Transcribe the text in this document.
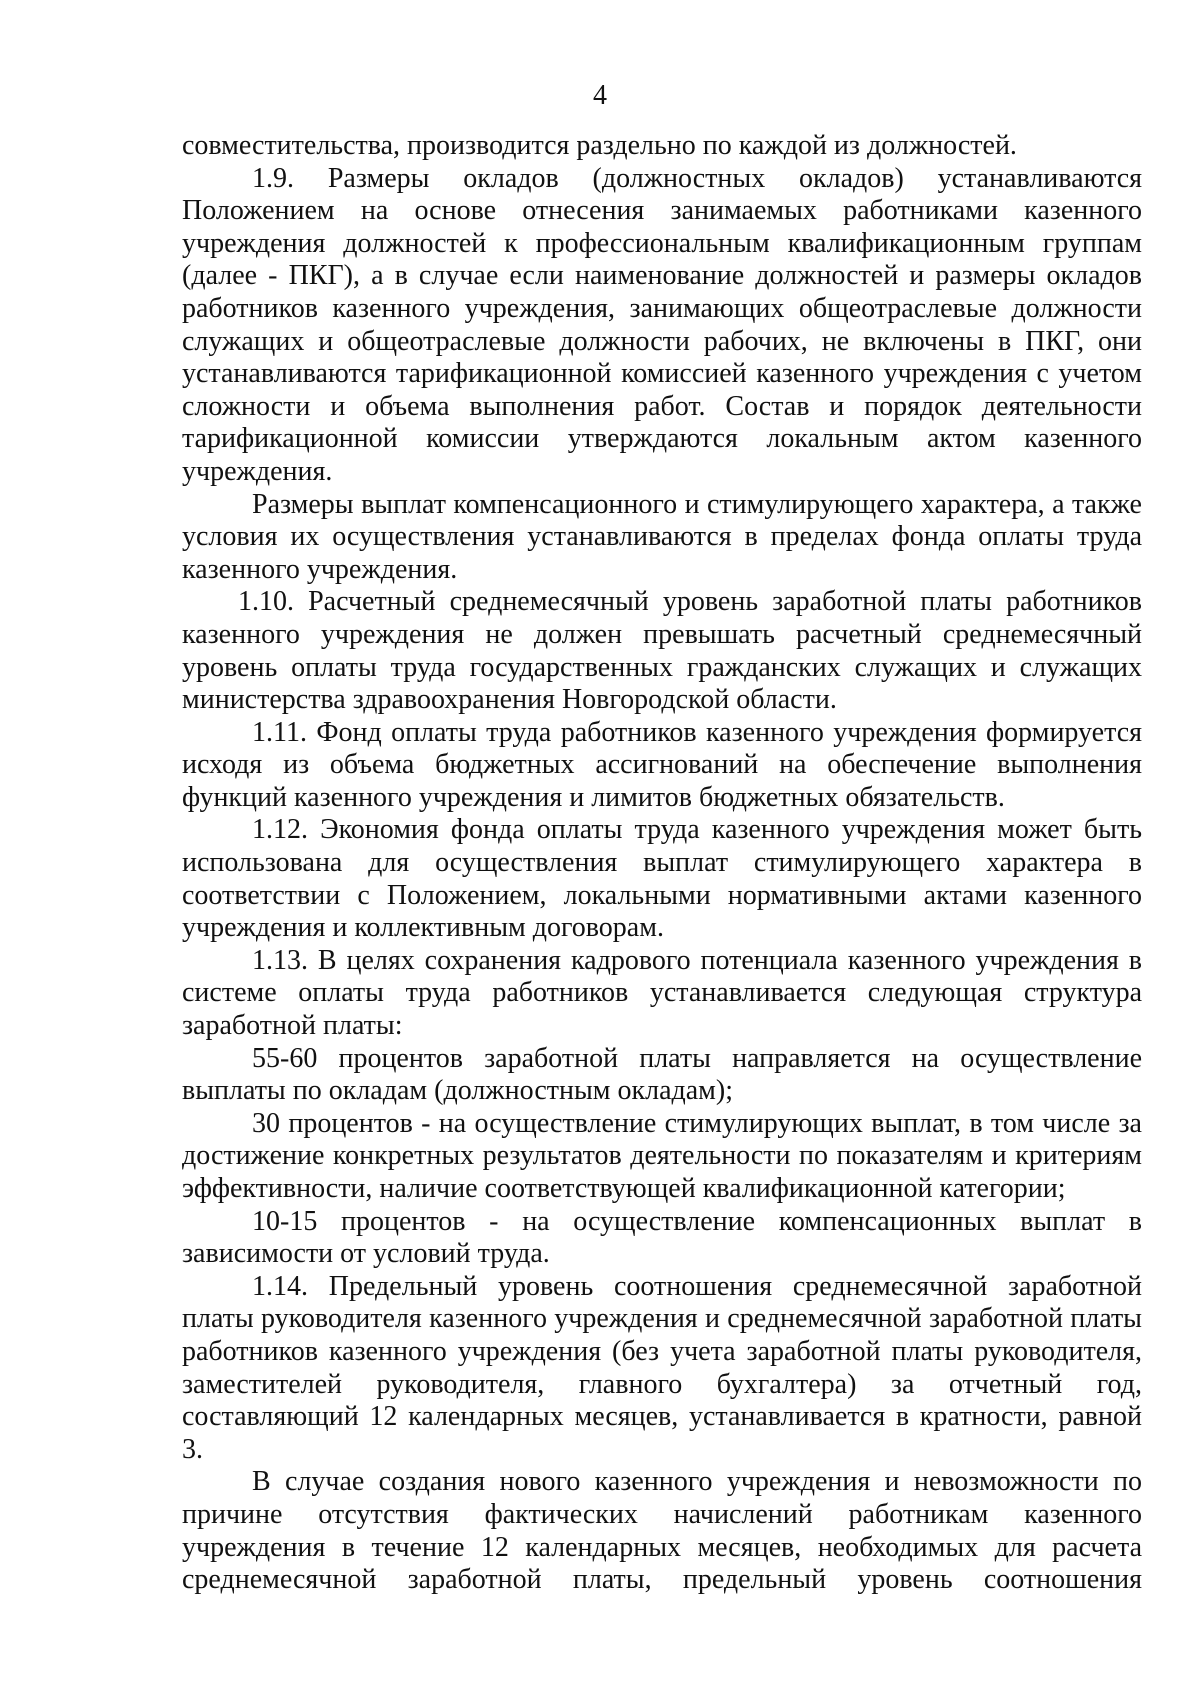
4

совместительства, производится раздельно по каждой из должностей.

1.9. Размеры окладов (должностных окладов) устанавливаются Положением на основе отнесения занимаемых работниками казенного учреждения должностей к профессиональным квалификационным группам (далее - ПКГ), а в случае если наименование должностей и размеры окладов работников казенного учреждения, занимающих общеотраслевые должности служащих и общеотраслевые должности рабочих, не включены в ПКГ, они устанавливаются тарификационной комиссией казенного учреждения с учетом сложности и объема выполнения работ. Состав и порядок деятельности тарификационной комиссии утверждаются локальным актом казенного учреждения.

Размеры выплат компенсационного и стимулирующего характера, а также условия их осуществления устанавливаются в пределах фонда оплаты труда казенного учреждения.

1.10. Расчетный среднемесячный уровень заработной платы работников казенного учреждения не должен превышать расчетный среднемесячный уровень оплаты труда государственных гражданских служащих и служащих министерства здравоохранения Новгородской области.

1.11. Фонд оплаты труда работников казенного учреждения формируется исходя из объема бюджетных ассигнований на обеспечение выполнения функций казенного учреждения и лимитов бюджетных обязательств.

1.12. Экономия фонда оплаты труда казенного учреждения может быть использована для осуществления выплат стимулирующего характера в соответствии с Положением, локальными нормативными актами казенного учреждения и коллективным договорам.

1.13. В целях сохранения кадрового потенциала казенного учреждения в системе оплаты труда работников устанавливается следующая структура заработной платы:

55-60 процентов заработной платы направляется на осуществление выплаты по окладам (должностным окладам);

30 процентов - на осуществление стимулирующих выплат, в том числе за достижение конкретных результатов деятельности по показателям и критериям эффективности, наличие соответствующей квалификационной категории;

10-15 процентов - на осуществление компенсационных выплат в зависимости от условий труда.

1.14. Предельный уровень соотношения среднемесячной заработной платы руководителя казенного учреждения и среднемесячной заработной платы работников казенного учреждения (без учета заработной платы руководителя, заместителей руководителя, главного бухгалтера) за отчетный год, составляющий 12 календарных месяцев, устанавливается в кратности, равной 3.

В случае создания нового казенного учреждения и невозможности по причине отсутствия фактических начислений работникам казенного учреждения в течение 12 календарных месяцев, необходимых для расчета среднемесячной заработной платы, предельный уровень соотношения
